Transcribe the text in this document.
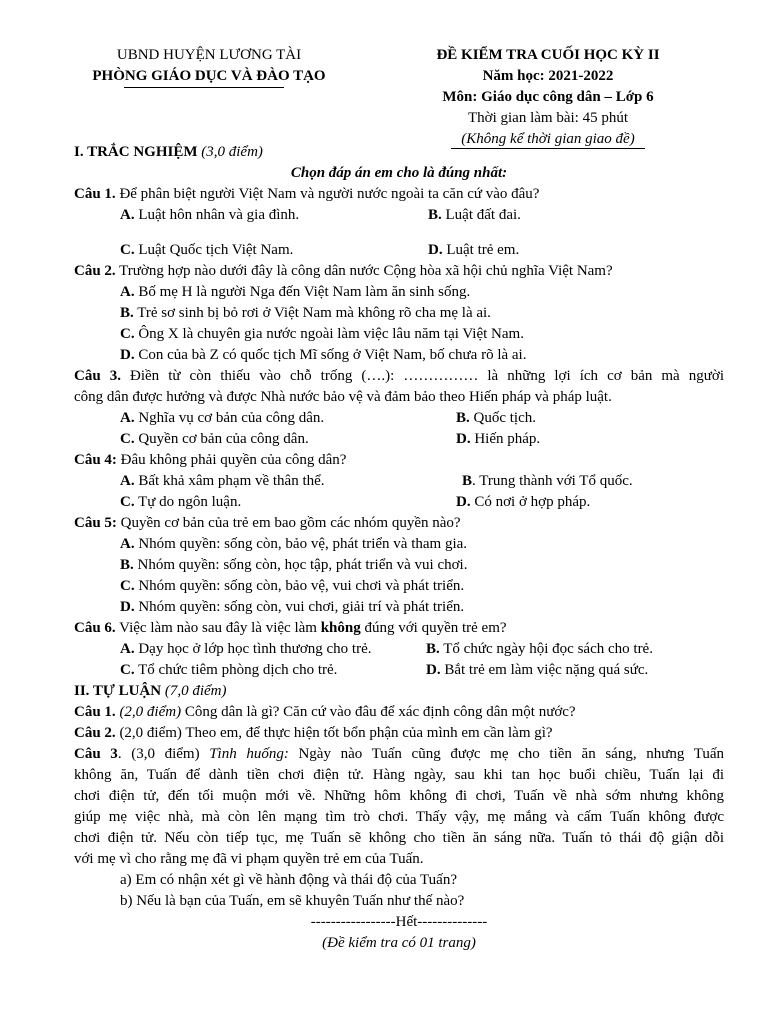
UBND HUYỆN LƯƠNG TÀI
PHÒNG GIÁO DỤC VÀ ĐÀO TẠO
ĐỀ KIỂM TRA CUỐI HỌC KỲ II
Năm học: 2021-2022
Môn: Giáo dục công dân – Lớp 6
Thời gian làm bài: 45 phút
(Không kể thời gian giao đề)
I. TRẮC NGHIỆM (3,0 điểm)
Chọn đáp án em cho là đúng nhất:
Câu 1. Để phân biệt người Việt Nam và người nước ngoài ta căn cứ vào đâu?
A. Luật hôn nhân và gia đình.	B. Luật đất đai.
C. Luật Quốc tịch Việt Nam.	D. Luật trẻ em.
Câu 2. Trường hợp nào dưới đây là công dân nước Cộng hòa xã hội chủ nghĩa Việt Nam?
A. Bố mẹ H là người Nga đến Việt Nam làm ăn sinh sống.
B. Trẻ sơ sinh bị bỏ rơi ở Việt Nam mà không rõ cha mẹ là ai.
C. Ông X là chuyên gia nước ngoài làm việc lâu năm tại Việt Nam.
D. Con của bà Z có quốc tịch Mĩ sống ở Việt Nam, bố chưa rõ là ai.
Câu 3. Điền từ còn thiếu vào chỗ trống (….): …………… là những lợi ích cơ bản mà người
công dân được hưởng và được Nhà nước bảo vệ và đảm bảo theo Hiến pháp và pháp luật.
A. Nghĩa vụ cơ bản của công dân.	B. Quốc tịch.
C. Quyền cơ bản của công dân.	D. Hiến pháp.
Câu 4: Đâu không phải quyền của công dân?
A. Bất khả xâm phạm về thân thể.	B. Trung thành với Tổ quốc.
C. Tự do ngôn luận.	D. Có nơi ở hợp pháp.
Câu 5: Quyền cơ bản của trẻ em bao gồm các nhóm quyền nào?
A. Nhóm quyền: sống còn, bảo vệ, phát triển và tham gia.
B. Nhóm quyền: sống còn, học tập, phát triển và vui chơi.
C. Nhóm quyền: sống còn, bảo vệ, vui chơi và phát triển.
D. Nhóm quyền: sống còn, vui chơi, giải trí và phát triển.
Câu 6. Việc làm nào sau đây là việc làm không đúng với quyền trẻ em?
A. Dạy học ở lớp học tình thương cho trẻ.	B. Tổ chức ngày hội đọc sách cho trẻ.
C. Tổ chức tiêm phòng dịch cho trẻ.	D. Bắt trẻ em làm việc nặng quá sức.
II. TỰ LUẬN (7,0 điểm)
Câu 1. (2,0 điểm) Công dân là gì? Căn cứ vào đâu để xác định công dân một nước?
Câu 2. (2,0 điểm) Theo em, để thực hiện tốt bổn phận của mình em cần làm gì?
Câu 3. (3,0 điểm) Tình huống: Ngày nào Tuấn cũng được mẹ cho tiền ăn sáng, nhưng Tuấn
không ăn, Tuấn để dành tiền chơi điện tử. Hàng ngày, sau khi tan học buổi chiều, Tuấn lại đi
chơi điện tử, đến tối muộn mới về. Những hôm không đi chơi, Tuấn về nhà sớm nhưng không
giúp mẹ việc nhà, mà còn lên mạng tìm trò chơi. Thấy vậy, mẹ mắng và cấm Tuấn không được
chơi điện tử. Nếu còn tiếp tục, mẹ Tuấn sẽ không cho tiền ăn sáng nữa. Tuấn tỏ thái độ giận dỗi
với mẹ vì cho rằng mẹ đã vi phạm quyền trẻ em của Tuấn.
a) Em có nhận xét gì về hành động và thái độ của Tuấn?
b) Nếu là bạn của Tuấn, em sẽ khuyên Tuấn như thế nào?
-----------------Hết--------------
(Đề kiểm tra có 01 trang)
